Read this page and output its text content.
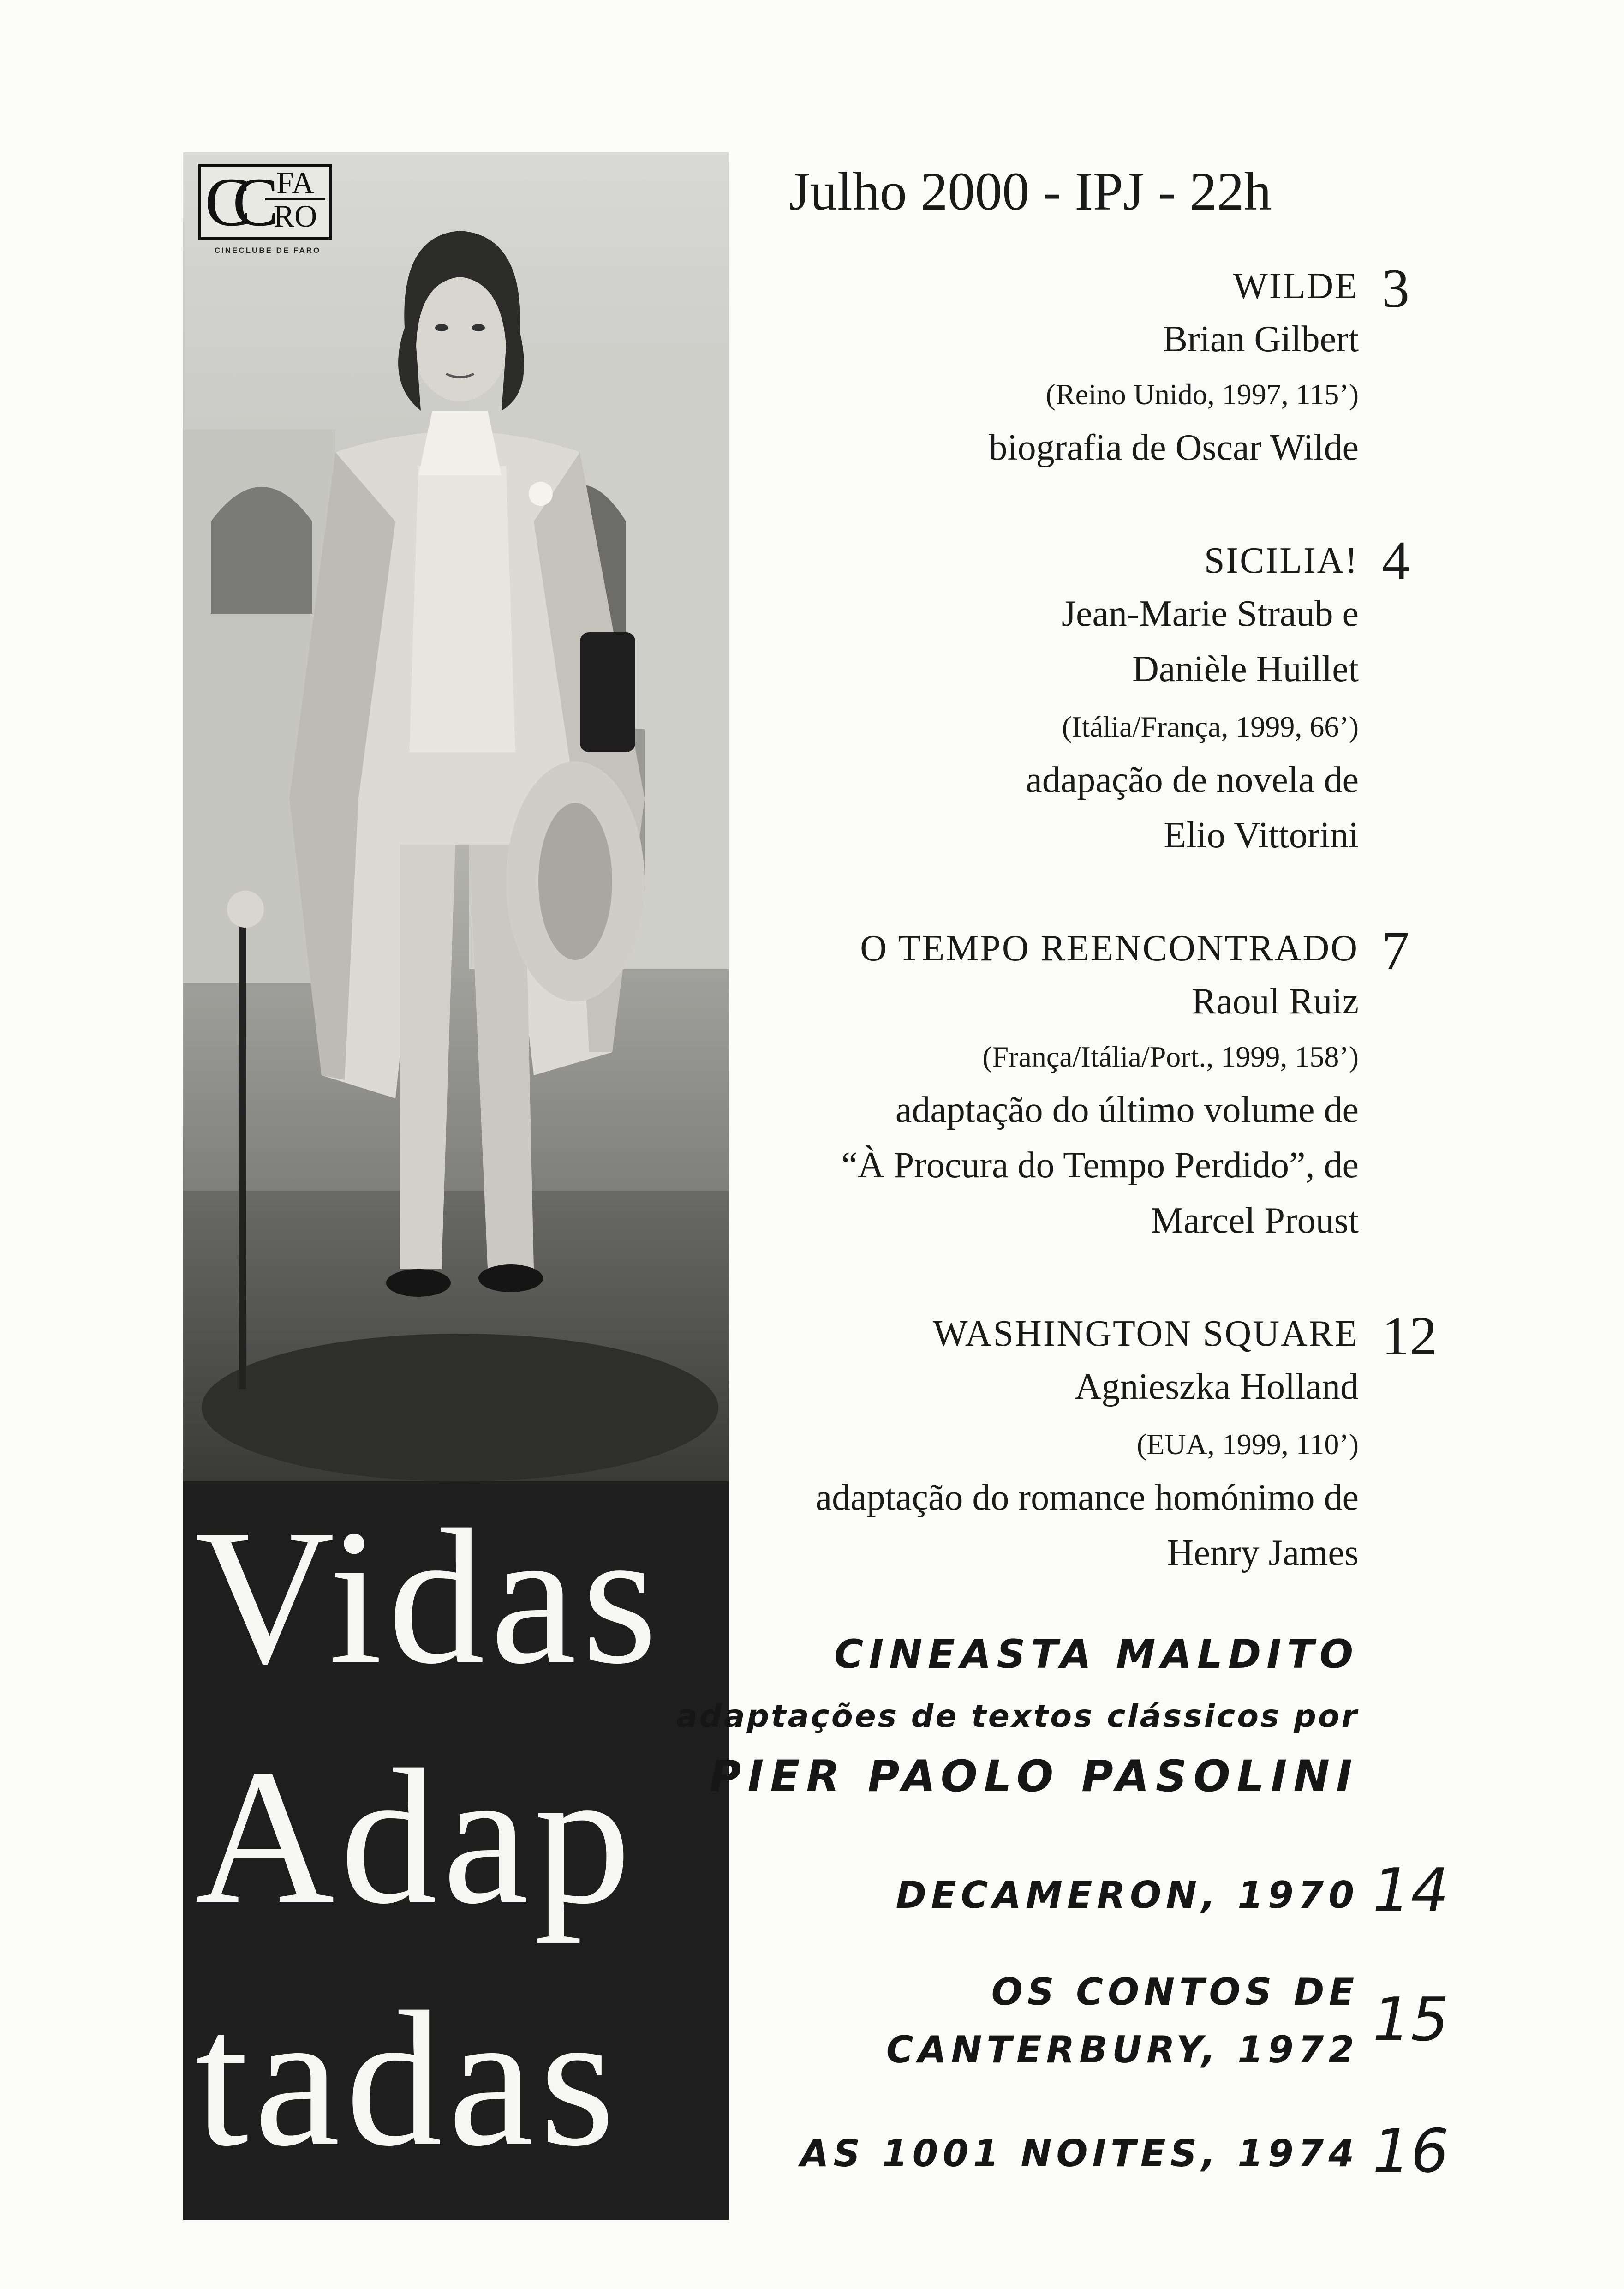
CC FA
RO
CINECLUBE DE FARO
Vidas
Adap
tadas
Julho 2000 - IPJ - 22h
WILDE 3
Brian Gilbert
(Reino Unido, 1997, 115’)
biografia de Oscar Wilde
SICILIA! 4
Jean-Marie Straub e
Danièle Huillet
(Itália/França, 1999, 66’)
adapação de novela de
Elio Vittorini
O TEMPO REENCONTRADO 7
Raoul Ruiz
(França/Itália/Port., 1999, 158’)
adaptação do último volume de
“À Procura do Tempo Perdido”, de
Marcel Proust
WASHINGTON SQUARE 12
Agnieszka Holland
(EUA, 1999, 110’)
adaptação do romance homónimo de
Henry James
CINEASTA MALDITO
adaptações de textos clássicos por
PIER PAOLO PASOLINI
DECAMERON, 1970 14
OS CONTOS DE
CANTERBURY, 1972 15
AS 1001 NOITES, 1974 16
